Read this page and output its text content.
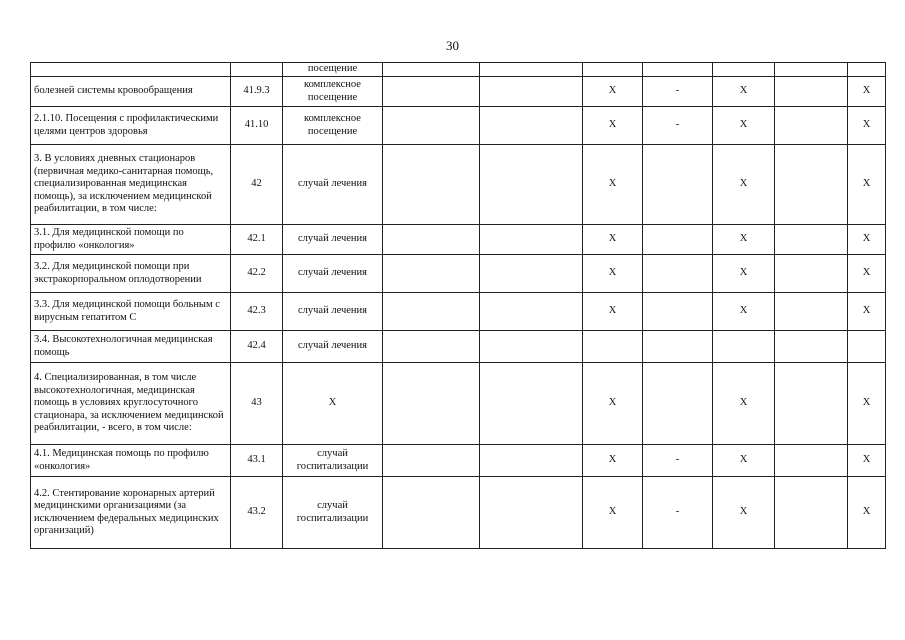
30
		посещение							
болезней системы кровообращения	41.9.3	комплексное посещение			X	-	X		X
2.1.10. Посещения с профилактическими целями центров здоровья	41.10	комплексное посещение			X	-	X		X
3. В условиях дневных стационаров (первичная медико-санитарная помощь, специализированная медицинская помощь), за исключением медицинской реабилитации, в том числе:	42	случай лечения			X		X		X
3.1. Для медицинской помощи по профилю «онкология»	42.1	случай лечения			X		X		X
3.2. Для медицинской помощи при экстракорпоральном оплодотворении	42.2	случай лечения			X		X		X
3.3. Для медицинской помощи больным с вирусным гепатитом С	42.3	случай лечения			X		X		X
3.4. Высокотехнологичная медицинская помощь	42.4	случай лечения							
4. Специализированная, в том числе высокотехнологичная, медицинская помощь в условиях круглосуточного стационара, за исключением медицинской реабилитации, - всего, в том числе:	43	X			X		X		X
4.1. Медицинская помощь по профилю «онкология»	43.1	случай госпитализации			X	-	X		X
4.2. Стентирование коронарных артерий медицинскими организациями (за исключением федеральных медицинских организаций)	43.2	случай госпитализации			X	-	X		X
